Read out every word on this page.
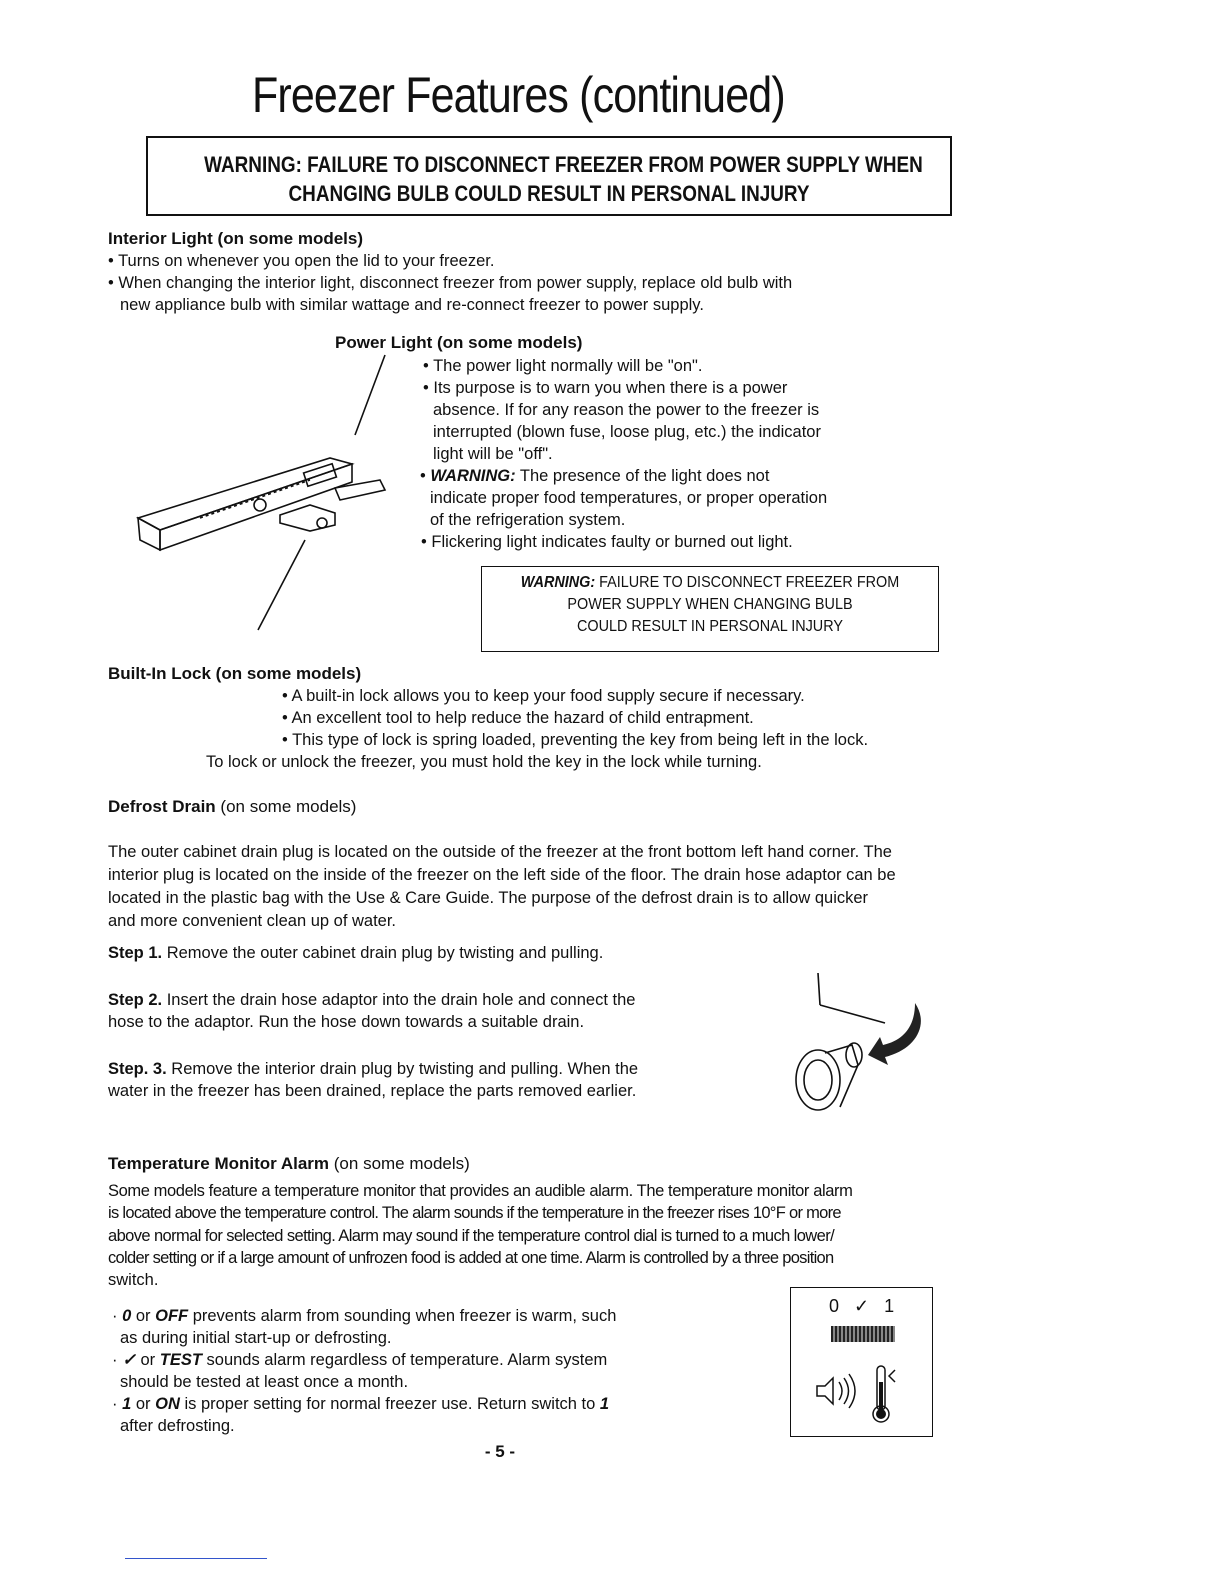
Freezer Features (continued)
WARNING: FAILURE TO DISCONNECT FREEZER FROM POWER SUPPLY WHEN
CHANGING BULB COULD RESULT IN PERSONAL INJURY
Interior Light (on some models)
• Turns on whenever you open the lid to your freezer.
• When changing the interior light, disconnect freezer from power supply, replace old bulb with
new appliance bulb with similar wattage and re-connect freezer to power supply.
Power Light (on some models)
• The power light normally will be "on".
• Its purpose is to warn you when there is a power
absence. If for any reason the power to the freezer is
interrupted (blown fuse, loose plug, etc.) the indicator
light will be "off".
• WARNING: The presence of the light does not
indicate proper food temperatures, or proper operation
of the refrigeration system.
• Flickering light indicates faulty or burned out light.
WARNING: FAILURE TO DISCONNECT FREEZER FROM
POWER SUPPLY WHEN CHANGING BULB
COULD RESULT IN PERSONAL INJURY
Built-In Lock (on some models)
• A built-in lock allows you to keep your food supply secure if necessary.
• An excellent tool to help reduce the hazard of child entrapment.
• This type of lock is spring loaded, preventing the key from being left in the lock.
To lock or unlock the freezer, you must hold the key in the lock while turning.
Defrost Drain (on some models)
The outer cabinet drain plug is located on the outside of the freezer at the front bottom left hand corner. The
interior plug is located on the inside of the freezer on the left side of the floor. The drain hose adaptor can be
located in the plastic bag with the Use & Care Guide. The purpose of the defrost drain is to allow quicker
and more convenient clean up of water.
Step 1. Remove the outer cabinet drain plug by twisting and pulling.
Step 2. Insert the drain hose adaptor into the drain hole and connect the
hose to the adaptor. Run the hose down towards a suitable drain.
Step. 3. Remove the interior drain plug by twisting and pulling. When the
water in the freezer has been drained, replace the parts removed earlier.
Temperature Monitor Alarm (on some models)
Some models feature a temperature monitor that provides an audible alarm. The temperature monitor alarm
is located above the temperature control. The alarm sounds if the temperature in the freezer rises 10°F or more
above normal for selected setting. Alarm may sound if the temperature control dial is turned to a much lower/
colder setting or if a large amount of unfrozen food is added at one time. Alarm is controlled by a three position
switch.
· 0 or OFF prevents alarm from sounding when freezer is warm, such
as during initial start-up or defrosting.
· ✓ or TEST sounds alarm regardless of temperature. Alarm system
should be tested at least once a month.
· 1 or ON is proper setting for normal freezer use. Return switch to 1
after defrosting.
0 ✓ 1
- 5 -
